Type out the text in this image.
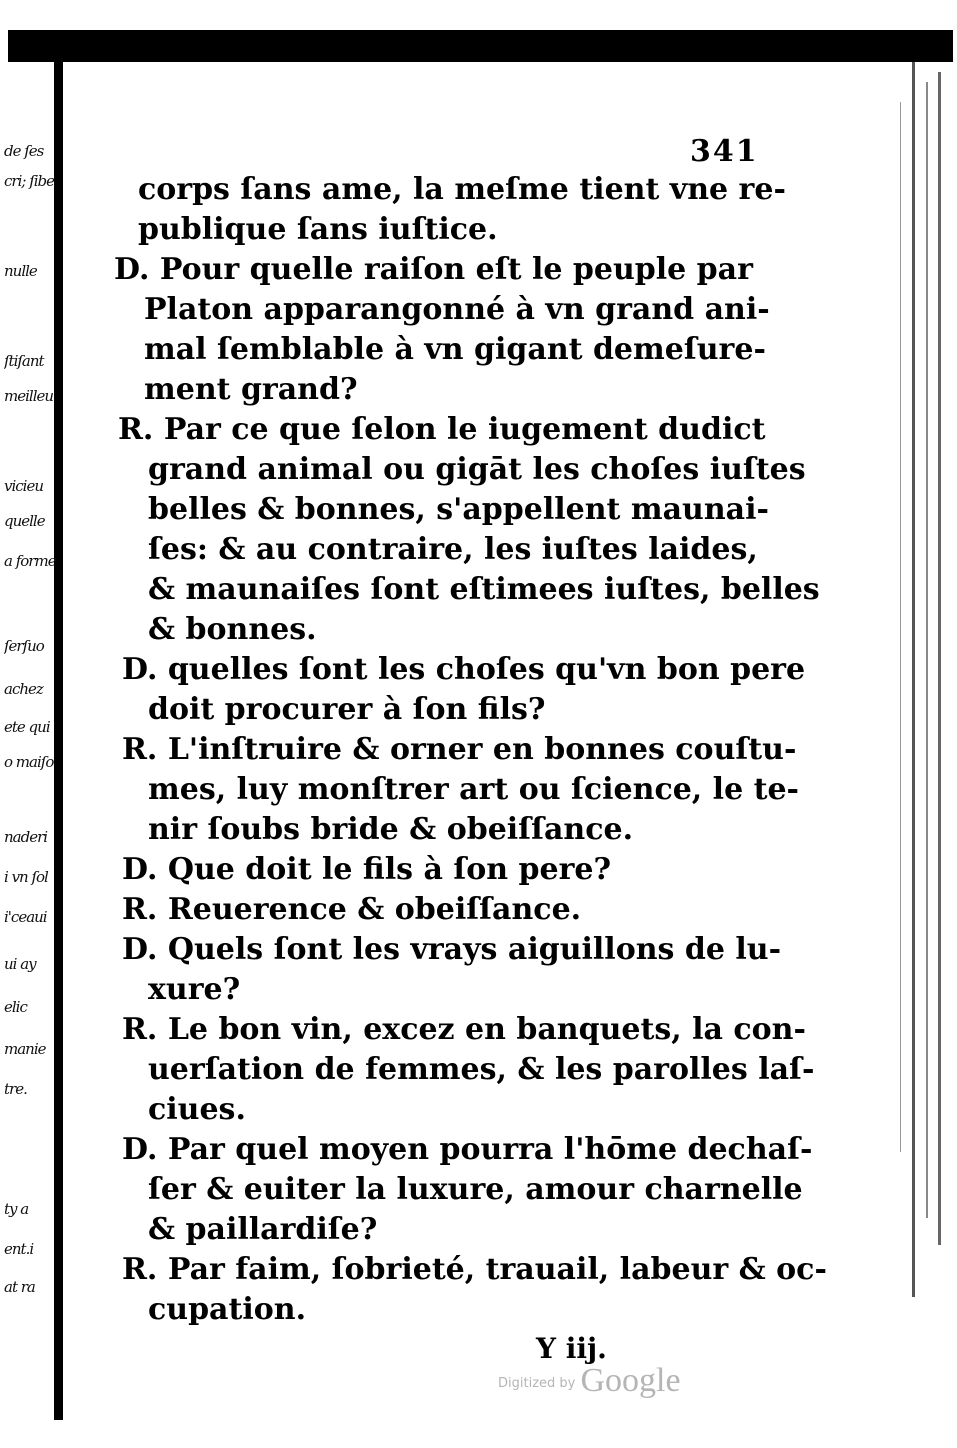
de ſes
cri; ſibe
nulle
ſtiſant
meilleu
vicieu
quelle
a forme
ſerſuo
achez
ete qui
o maiſo
naderi
i vn ſol
i'ceaui
ui ay
elic
manie
tre.
ty a
ent.i
at ra
341
corps ſans ame, la meſme tient vne re-
publique ſans iuſtice.
D. Pour quelle raiſon eſt le peuple par
Platon apparangonné à vn grand ani-
mal ſemblable à vn gigant demeſure-
ment grand?
R. Par ce que ſelon le iugement dudict
grand animal ou gigāt les choſes iuſtes
belles & bonnes, s'appellent maunai-
ſes: & au contraire, les iuſtes laides,
& maunaiſes ſont eſtimees iuſtes, belles
& bonnes.
D. quelles ſont les choſes qu'vn bon pere
doit procurer à ſon fils?
R. L'inſtruire & orner en bonnes couſtu-
mes, luy monſtrer art ou ſcience, le te-
nir ſoubs bride & obeiſſance.
D. Que doit le fils à ſon pere?
R. Reuerence & obeiſſance.
D. Quels ſont les vrays aiguillons de lu-
xure?
R. Le bon vin, excez en banquets, la con-
uerſation de femmes, & les parolles laſ-
ciues.
D. Par quel moyen pourra l'hōme dechaſ-
ſer & euiter la luxure, amour charnelle
& paillardiſe?
R. Par faim, ſobrieté, trauail, labeur & oc-
cupation.
Y iij.
$^{Digitized by}$ Google
